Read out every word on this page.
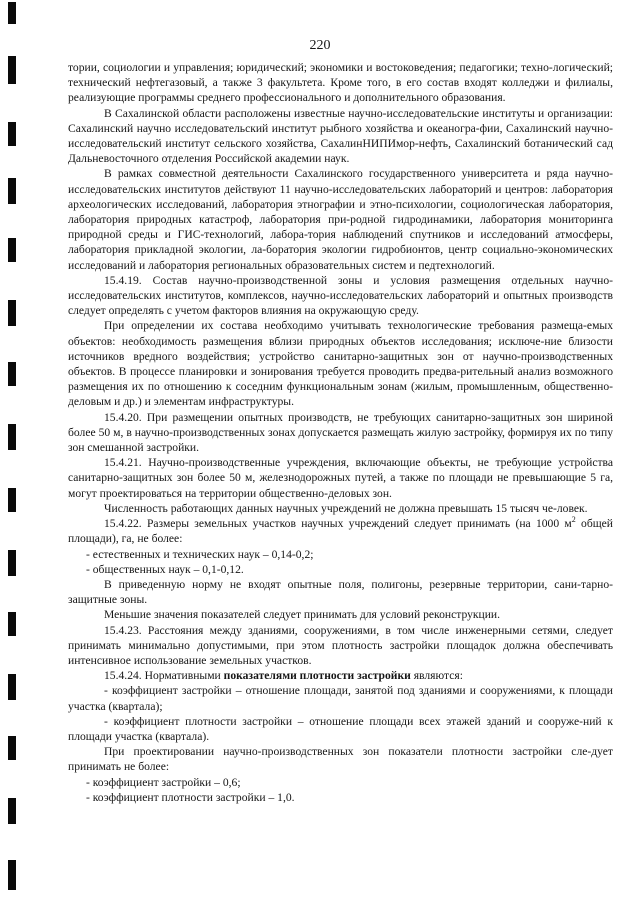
220

тории, социологии и управления; юридический; экономики и востоковедения; педагогики; техно-логический; технический нефтегазовый, а также 3 факультета. Кроме того, в его состав входят колледжи и филиалы, реализующие программы среднего профессионального и дополнительного образования.

В Сахалинской области расположены известные научно-исследовательские институты и организации: Сахалинский научно исследовательский институт рыбного хозяйства и океаногра-фии, Сахалинский научно-исследовательский институт сельского хозяйства, СахалинНИПИмор-нефть, Сахалинский ботанический сад Дальневосточного отделения Российской академии наук.

В рамках совместной деятельности Сахалинского государственного университета и ряда научно-исследовательских институтов действуют 11 научно-исследовательских лабораторий и центров: лаборатория археологических исследований, лаборатория этнографии и этно-психологии, социологическая лаборатория, лаборатория природных катастроф, лаборатория при-родной гидродинамики, лаборатория мониторинга природной среды и ГИС-технологий, лабора-тория наблюдений спутников и исследований атмосферы, лаборатория прикладной экологии, ла-боратория экологии гидробионтов, центр социально-экономических исследований и лаборатория региональных образовательных систем и педтехнологий.

15.4.19. Состав научно-производственной зоны и условия размещения отдельных научно-исследовательских институтов, комплексов, научно-исследовательских лабораторий и опытных производств следует определять с учетом факторов влияния на окружающую среду.

При определении их состава необходимо учитывать технологические требования размеща-емых объектов: необходимость размещения вблизи природных объектов исследования; исключе-ние близости источников вредного воздействия; устройство санитарно-защитных зон от научно-производственных объектов. В процессе планировки и зонирования требуется проводить предва-рительный анализ возможного размещения их по отношению к соседним функциональным зонам (жилым, промышленным, общественно-деловым и др.) и элементам инфраструктуры.

15.4.20. При размещении опытных производств, не требующих санитарно-защитных зон шириной более 50 м, в научно-производственных зонах допускается размещать жилую застройку, формируя их по типу зон смешанной застройки.

15.4.21. Научно-производственные учреждения, включающие объекты, не требующие устройства санитарно-защитных зон более 50 м, железнодорожных путей, а также по площади не превышающие 5 га, могут проектироваться на территории общественно-деловых зон.

Численность работающих данных научных учреждений не должна превышать 15 тысяч че-ловек.

15.4.22. Размеры земельных участков научных учреждений следует принимать (на 1000 $м^2$ общей площади), га, не более:

- естественных и технических наук – 0,14-0,2;

- общественных наук – 0,1-0,12.

В приведенную норму не входят опытные поля, полигоны, резервные территории, сани-тарно-защитные зоны.

Меньшие значения показателей следует принимать для условий реконструкции.

15.4.23. Расстояния между зданиями, сооружениями, в том числе инженерными сетями, следует принимать минимально допустимыми, при этом плотность застройки площадок должна обеспечивать интенсивное использование земельных участков.

15.4.24. Нормативными показателями плотности застройки являются:

- коэффициент застройки – отношение площади, занятой под зданиями и сооружениями, к площади участка (квартала);

- коэффициент плотности застройки – отношение площади всех этажей зданий и сооруже-ний к площади участка (квартала).

При проектировании научно-производственных зон показатели плотности застройки сле-дует принимать не более:

- коэффициент застройки – 0,6;

- коэффициент плотности застройки – 1,0.
